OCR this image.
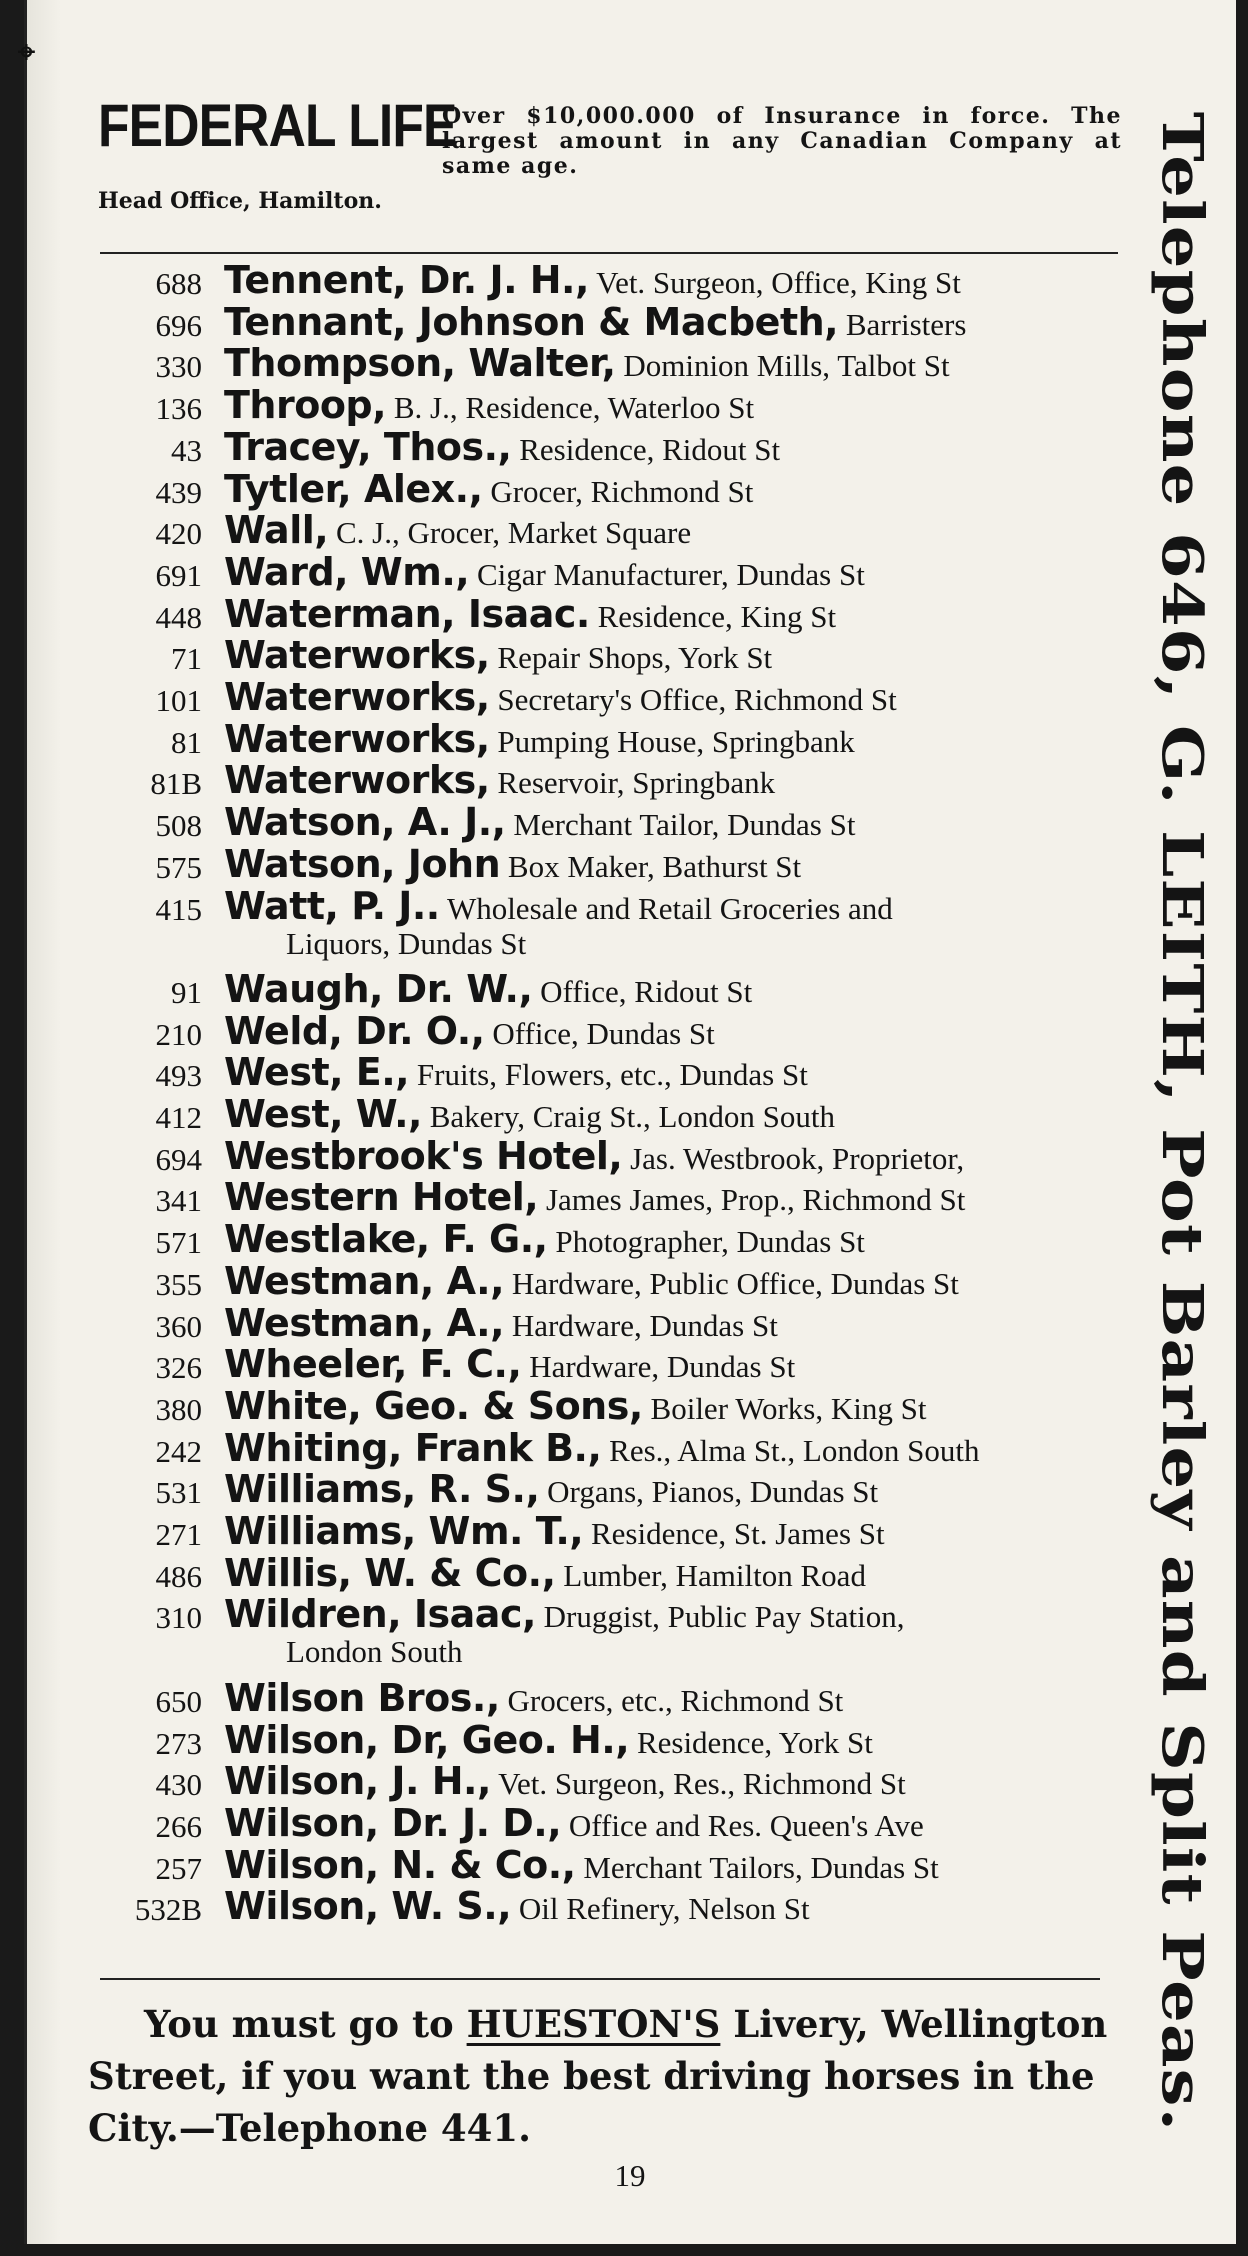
⌖
FEDERAL LIFE
Over $10,000.000 of Insurance in force. The largest amount in any Canadian Company at same age.
Head Office, Hamilton.
688 Tennent, Dr. J. H., Vet. Surgeon, Office, King St
696 Tennant, Johnson & Macbeth, Barristers
330 Thompson, Walter, Dominion Mills, Talbot St
136 Throop, B. J., Residence, Waterloo St
43 Tracey, Thos., Residence, Ridout St
439 Tytler, Alex., Grocer, Richmond St
420 Wall, C. J., Grocer, Market Square
691 Ward, Wm., Cigar Manufacturer, Dundas St
448 Waterman, Isaac. Residence, King St
71 Waterworks, Repair Shops, York St
101 Waterworks, Secretary's Office, Richmond St
81 Waterworks, Pumping House, Springbank
81B Waterworks, Reservoir, Springbank
508 Watson, A. J., Merchant Tailor, Dundas St
575 Watson, John Box Maker, Bathurst St
415 Watt, P. J.. Wholesale and Retail Groceries and
Liquors, Dundas St
91 Waugh, Dr. W., Office, Ridout St
210 Weld, Dr. O., Office, Dundas St
493 West, E., Fruits, Flowers, etc., Dundas St
412 West, W., Bakery, Craig St., London South
694 Westbrook's Hotel, Jas. Westbrook, Proprietor,
341 Western Hotel, James James, Prop., Richmond St
571 Westlake, F. G., Photographer, Dundas St
355 Westman, A., Hardware, Public Office, Dundas St
360 Westman, A., Hardware, Dundas St
326 Wheeler, F. C., Hardware, Dundas St
380 White, Geo. & Sons, Boiler Works, King St
242 Whiting, Frank B., Res., Alma St., London South
531 Williams, R. S., Organs, Pianos, Dundas St
271 Williams, Wm. T., Residence, St. James St
486 Willis, W. & Co., Lumber, Hamilton Road
310 Wildren, Isaac, Druggist, Public Pay Station,
London South
650 Wilson Bros., Grocers, etc., Richmond St
273 Wilson, Dr, Geo. H., Residence, York St
430 Wilson, J. H., Vet. Surgeon, Res., Richmond St
266 Wilson, Dr. J. D., Office and Res. Queen's Ave
257 Wilson, N. & Co., Merchant Tailors, Dundas St
532B Wilson, W. S., Oil Refinery, Nelson St
You must go to HUESTON'S Livery, Wellington Street, if you want the best driving horses in the City.—Telephone 441.
19
Telephone 646, G. LEITH, Pot Barley and Split Peas.
